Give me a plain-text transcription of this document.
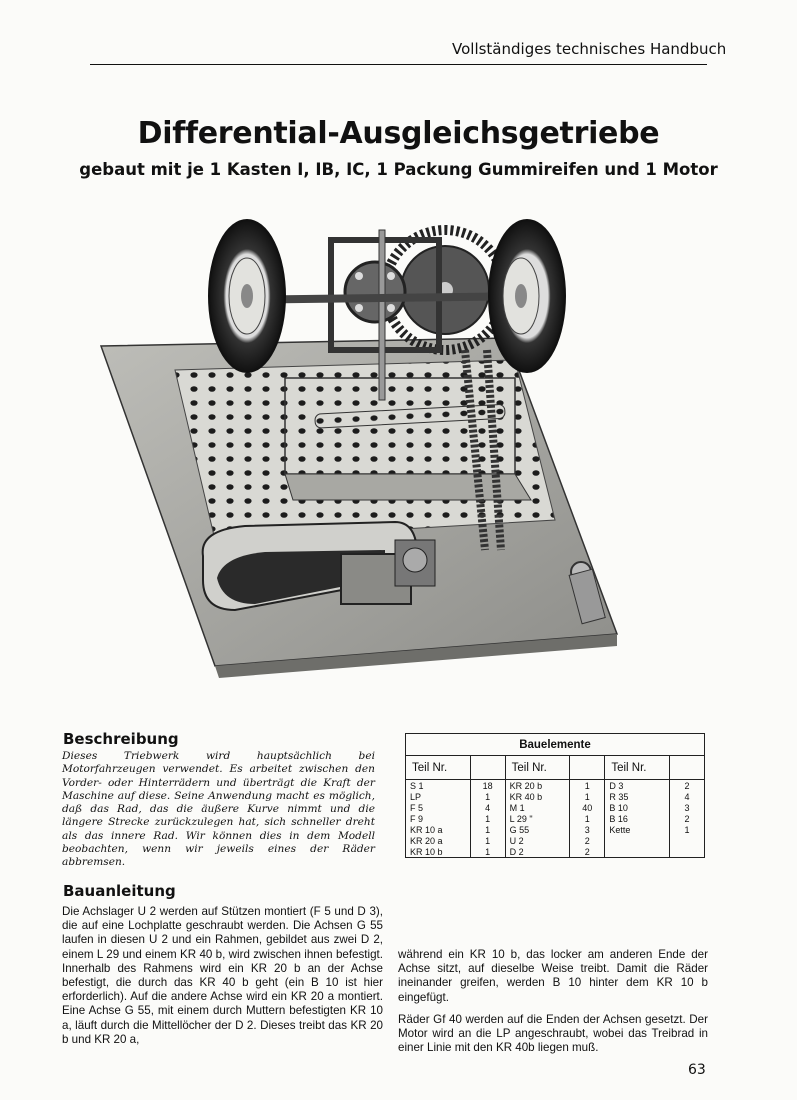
Vollständiges technisches Handbuch
Differential-Ausgleichsgetriebe
gebaut mit je 1 Kasten I, IB, IC, 1 Packung Gummireifen und 1 Motor
Beschreibung
Dieses Triebwerk wird hauptsächlich bei Motorfahrzeugen verwendet. Es arbeitet zwischen den Vorder- oder Hinterrädern und überträgt die Kraft der Maschine auf diese. Seine Anwendung macht es möglich, daß das Rad, das die äußere Kurve nimmt und die längere Strecke zurückzulegen hat, sich schneller dreht als das innere Rad. Wir können dies in dem Modell beobachten, wenn wir jeweils eines der Räder abbremsen.
Bauelemente					
Teil Nr.		Teil Nr.		Teil Nr.	
S 1	18	KR 20 b	1	D 3	2
LP	1	KR 40 b	1	R 35	4
F 5	4	M 1	40	B 10	3
F 9	1	L 29 "	1	B 16	2
KR 10 a	1	G 55	3	Kette	1
KR 20 a	1	U 2	2		
KR 10 b	1	D 2	2		
Bauanleitung
Die Achslager U 2 werden auf Stützen montiert (F 5 und D 3), die auf eine Lochplatte geschraubt werden. Die Achsen G 55 laufen in diesen U 2 und ein Rahmen, gebildet aus zwei D 2, einem L 29 und einem KR 40 b, wird zwischen ihnen befestigt. Innerhalb des Rahmens wird ein KR 20 b an der Achse befestigt, die durch das KR 40 b geht (ein B 10 ist hier erforderlich). Auf die andere Achse wird ein KR 20 a montiert. Eine Achse G 55, mit einem durch Muttern befestigten KR 10 a, läuft durch die Mittellöcher der D 2. Dieses treibt das KR 20 b und KR 20 a,

während ein KR 10 b, das locker am anderen Ende der Achse sitzt, auf dieselbe Weise treibt. Damit die Räder ineinander greifen, werden B 10 hinter dem KR 10 b eingefügt.

Räder Gf 40 werden auf die Enden der Achsen gesetzt. Der Motor wird an die LP angeschraubt, wobei das Treibrad in einer Linie mit den KR 40b liegen muß.

63
